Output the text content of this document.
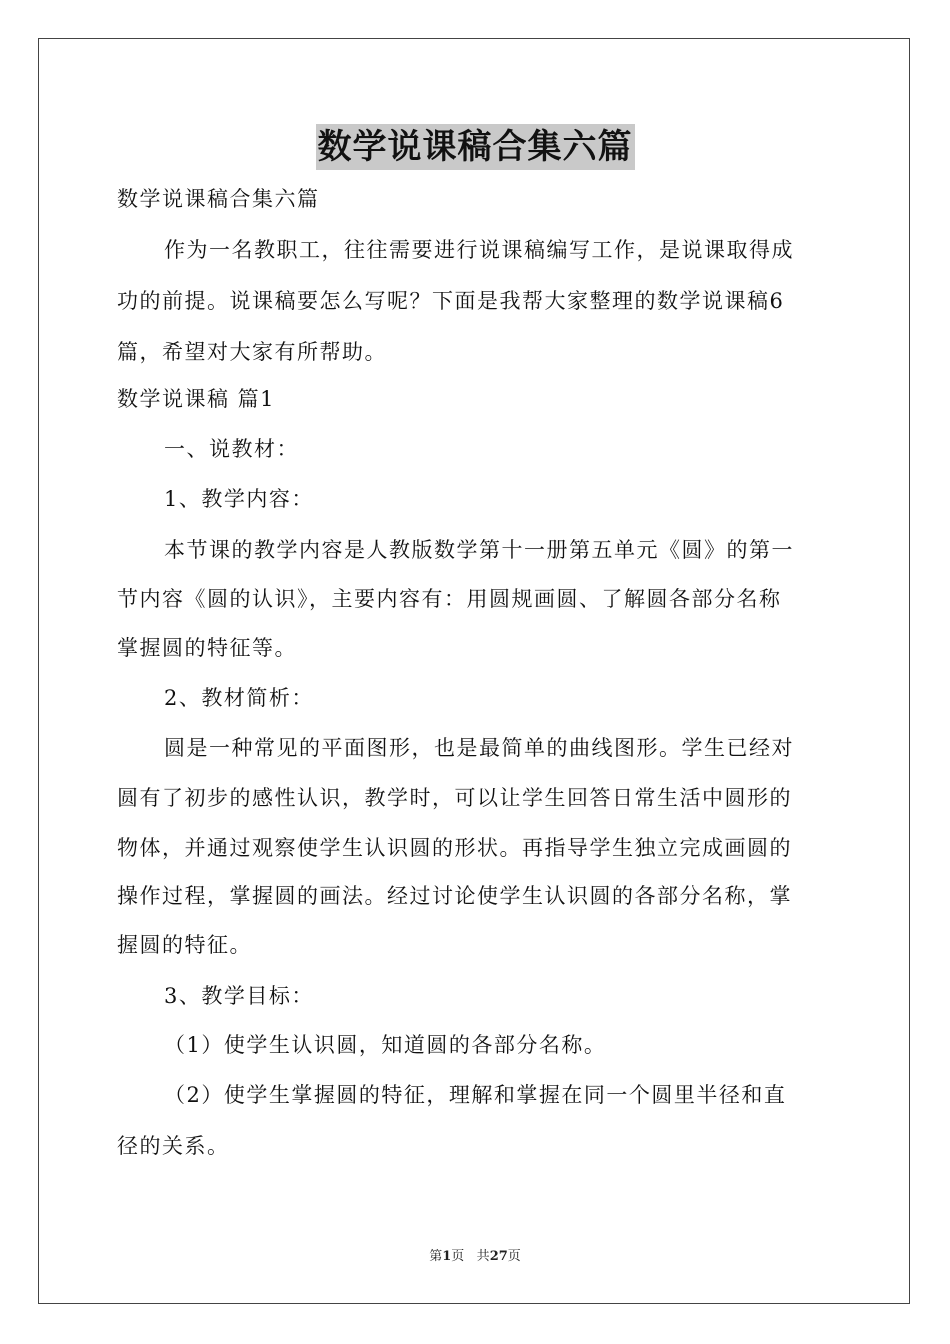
数学说课稿合集六篇
数学说课稿合集六篇
作为一名教职工，往往需要进行说课稿编写工作，是说课取得成
功的前提。说课稿要怎么写呢？下面是我帮大家整理的数学说课稿6
篇，希望对大家有所帮助。
数学说课稿 篇1
一、说教材：
1、教学内容：
本节课的教学内容是人教版数学第十一册第五单元《圆》的第一
节内容《圆的认识》，主要内容有：用圆规画圆、了解圆各部分名称
掌握圆的特征等。
2、教材简析：
圆是一种常见的平面图形，也是最简单的曲线图形。学生已经对
圆有了初步的感性认识，教学时，可以让学生回答日常生活中圆形的
物体，并通过观察使学生认识圆的形状。再指导学生独立完成画圆的
操作过程，掌握圆的画法。经过讨论使学生认识圆的各部分名称，掌
握圆的特征。
3、教学目标：
（1）使学生认识圆，知道圆的各部分名称。
（2）使学生掌握圆的特征，理解和掌握在同一个圆里半径和直
径的关系。
第1页 共27页
